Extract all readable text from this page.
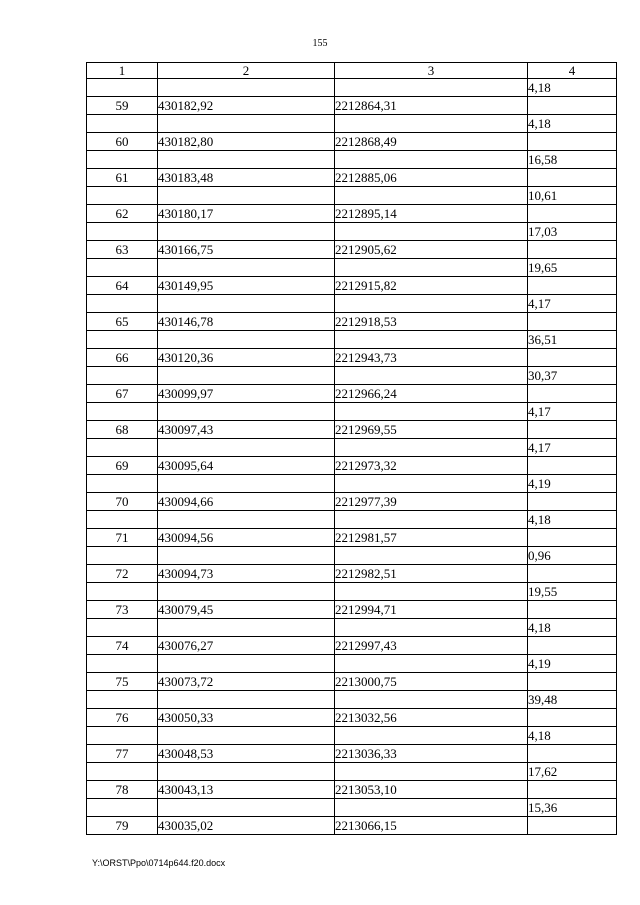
155
1	2	3	4
			4,18
59	430182,92	2212864,31	
			4,18
60	430182,80	2212868,49	
			16,58
61	430183,48	2212885,06	
			10,61
62	430180,17	2212895,14	
			17,03
63	430166,75	2212905,62	
			19,65
64	430149,95	2212915,82	
			4,17
65	430146,78	2212918,53	
			36,51
66	430120,36	2212943,73	
			30,37
67	430099,97	2212966,24	
			4,17
68	430097,43	2212969,55	
			4,17
69	430095,64	2212973,32	
			4,19
70	430094,66	2212977,39	
			4,18
71	430094,56	2212981,57	
			0,96
72	430094,73	2212982,51	
			19,55
73	430079,45	2212994,71	
			4,18
74	430076,27	2212997,43	
			4,19
75	430073,72	2213000,75	
			39,48
76	430050,33	2213032,56	
			4,18
77	430048,53	2213036,33	
			17,62
78	430043,13	2213053,10	
			15,36
79	430035,02	2213066,15	
Y:\ORST\Ppo\0714p644.f20.docx
